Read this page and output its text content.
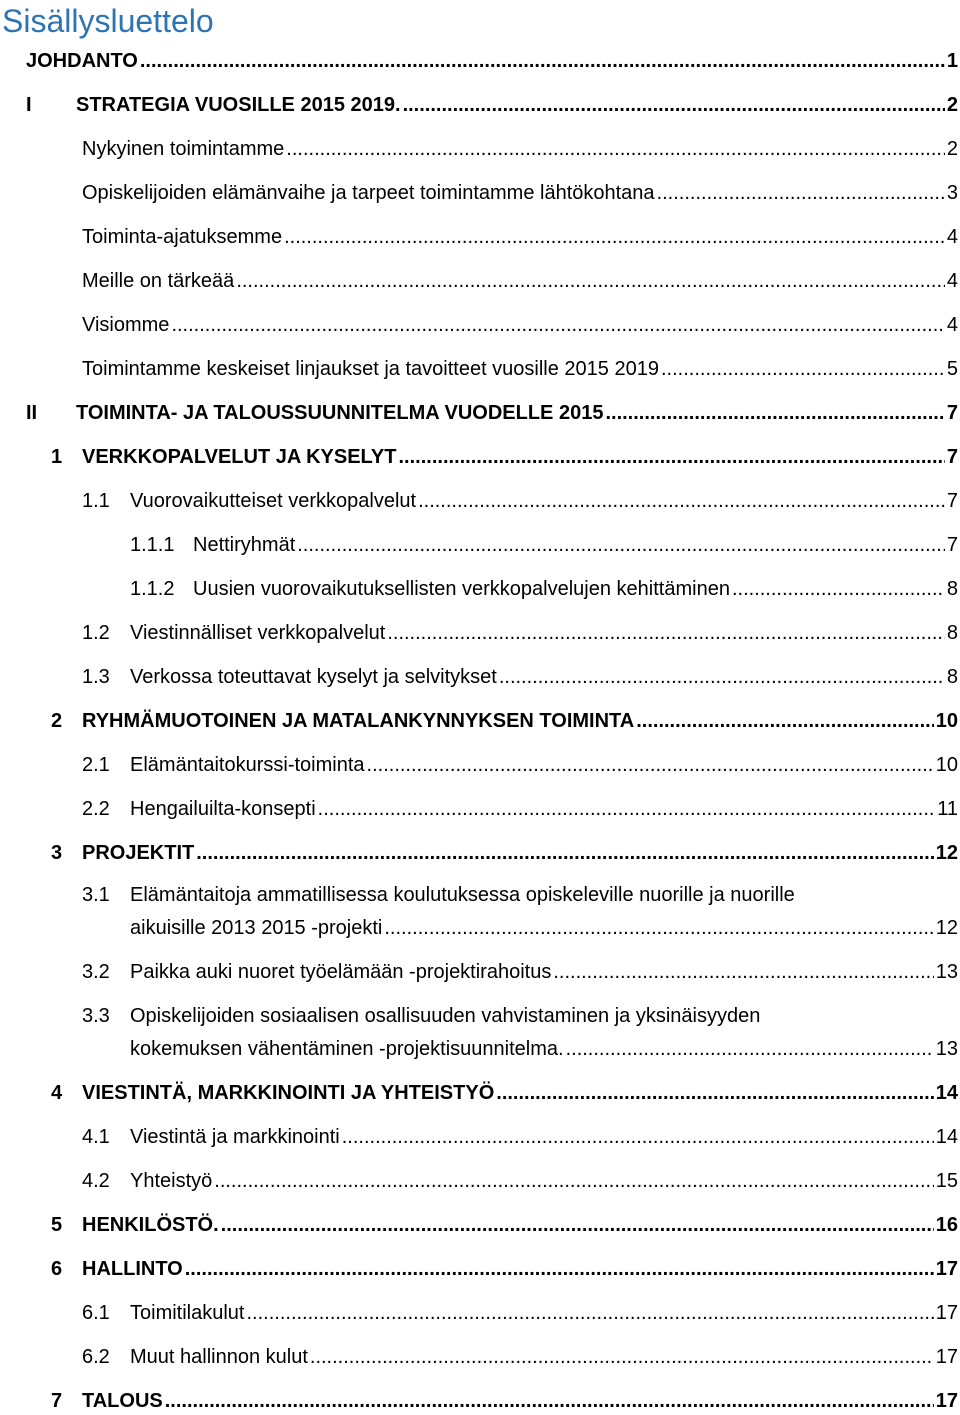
Sisällysluettelo
JOHDANTO .....	1
I STRATEGIA VUOSILLE 2015 2019. .....	2
Nykyinen toimintamme .....	2
Opiskelijoiden elämänvaihe ja tarpeet toimintamme lähtökohtana .....	3
Toiminta-ajatuksemme .....	4
Meille on tärkeää .....	4
Visiomme .....	4
Toimintamme keskeiset linjaukset ja tavoitteet vuosille 2015 2019 .....	5
II TOIMINTA- JA TALOUSSUUNNITELMA VUODELLE 2015 .....	7
1 VERKKOPALVELUT JA KYSELYT .....	7
1.1 Vuorovaikutteiset verkkopalvelut .....	7
1.1.1 Nettiryhmät .....	7
1.1.2 Uusien vuorovaikutuksellisten verkkopalvelujen kehittäminen .....	8
1.2 Viestinnälliset verkkopalvelut .....	8
1.3 Verkossa toteuttavat kyselyt ja selvitykset .....	8
2 RYHMÄMUOTOINEN JA MATALANKYNNYKSEN TOIMINTA .....	10
2.1 Elämäntaitokurssi-toiminta .....	10
2.2 Hengailuilta-konsepti .....	11
3 PROJEKTIT .....	12
3.1 Elämäntaitoja ammatillisessa koulutuksessa opiskeleville nuorille ja nuorille
aikuisille 2013 2015 -projekti .....	12
3.2 Paikka auki nuoret työelämään -projektirahoitus .....	13
3.3 Opiskelijoiden sosiaalisen osallisuuden vahvistaminen ja yksinäisyyden
kokemuksen vähentäminen -projektisuunnitelma. .....	13
4 VIESTINTÄ, MARKKINOINTI JA YHTEISTYÖ .....	14
4.1 Viestintä ja markkinointi .....	14
4.2 Yhteistyö .....	15
5 HENKILÖSTÖ. .....	16
6 HALLINTO .....	17
6.1 Toimitilakulut .....	17
6.2 Muut hallinnon kulut .....	17
7 TALOUS .....	17
